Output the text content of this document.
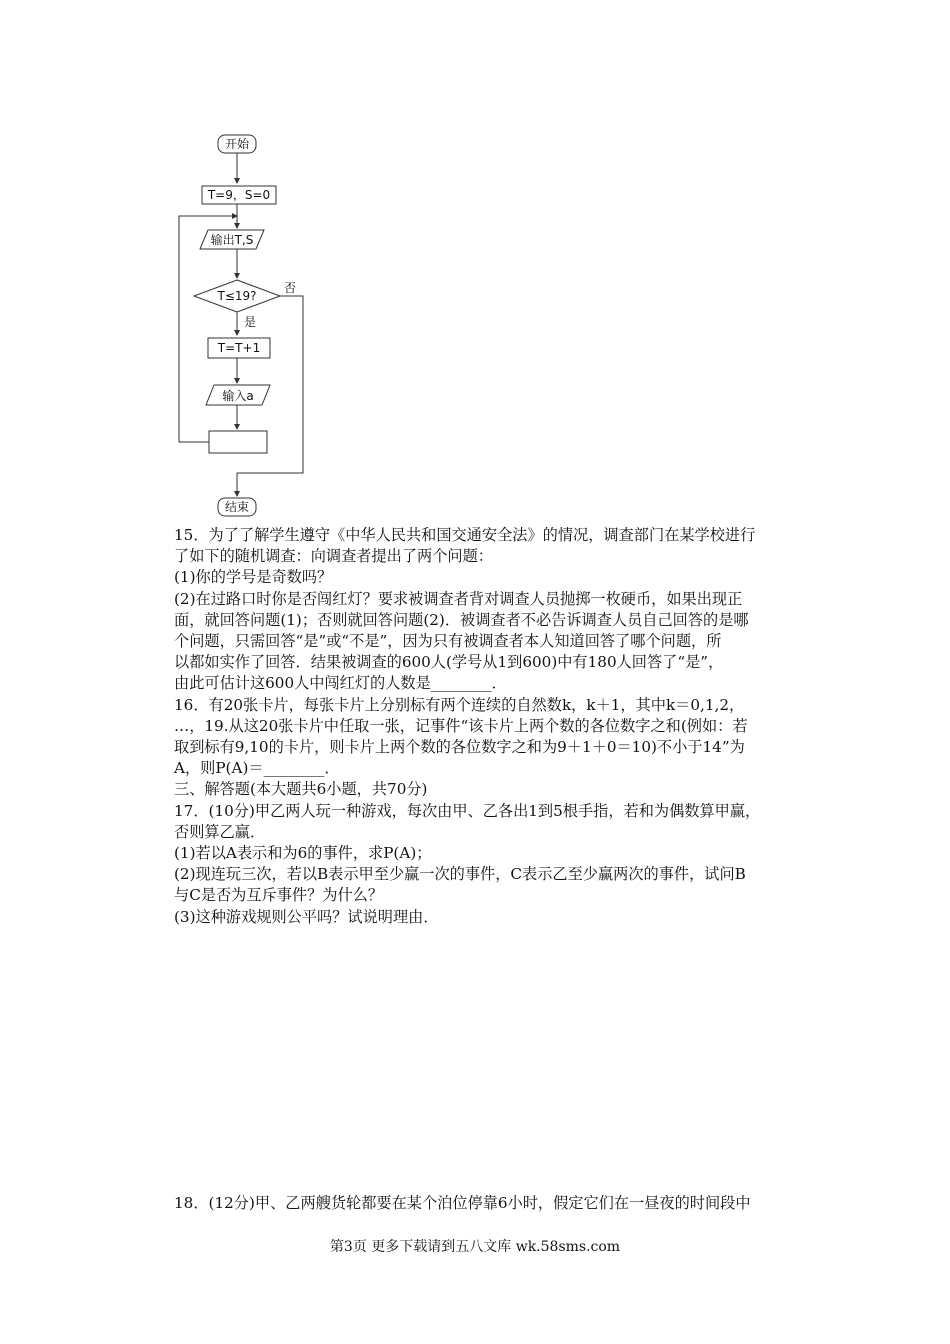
开始
T=9，S=0
输出T,S
T≤19?
否
是
T=T+1
输入a
结束

15．为了了解学生遵守《中华人民共和国交通安全法》的情况，调查部门在某学校进行

了如下的随机调查：向调查者提出了两个问题：

(1)你的学号是奇数吗？

(2)在过路口时你是否闯红灯？要求被调查者背对调查人员抛掷一枚硬币，如果出现正

面，就回答问题(1)；否则就回答问题(2)．被调查者不必告诉调查人员自己回答的是哪

个问题，只需回答“是”或“不是”，因为只有被调查者本人知道回答了哪个问题，所

以都如实作了回答．结果被调查的600人(学号从1到600)中有180人回答了“是”，

由此可估计这600人中闯红灯的人数是________．

16．有20张卡片，每张卡片上分别标有两个连续的自然数k，k＋1，其中k＝0,1,2，

…，19.从这20张卡片中任取一张，记事件“该卡片上两个数的各位数字之和(例如：若

取到标有9,10的卡片，则卡片上两个数的各位数字之和为9＋1＋0＝10)不小于14”为

A，则P(A)＝________．

三、解答题(本大题共6小题，共70分)

17．(10分)甲乙两人玩一种游戏，每次由甲、乙各出1到5根手指，若和为偶数算甲赢，

否则算乙赢．

(1)若以A表示和为6的事件，求P(A)；

(2)现连玩三次，若以B表示甲至少赢一次的事件，C表示乙至少赢两次的事件，试问B

与C是否为互斥事件？为什么？

(3)这种游戏规则公平吗？试说明理由．

18．(12分)甲、乙两艘货轮都要在某个泊位停靠6小时，假定它们在一昼夜的时间段中

第3页 更多下载请到五八文库 wk.58sms.com
